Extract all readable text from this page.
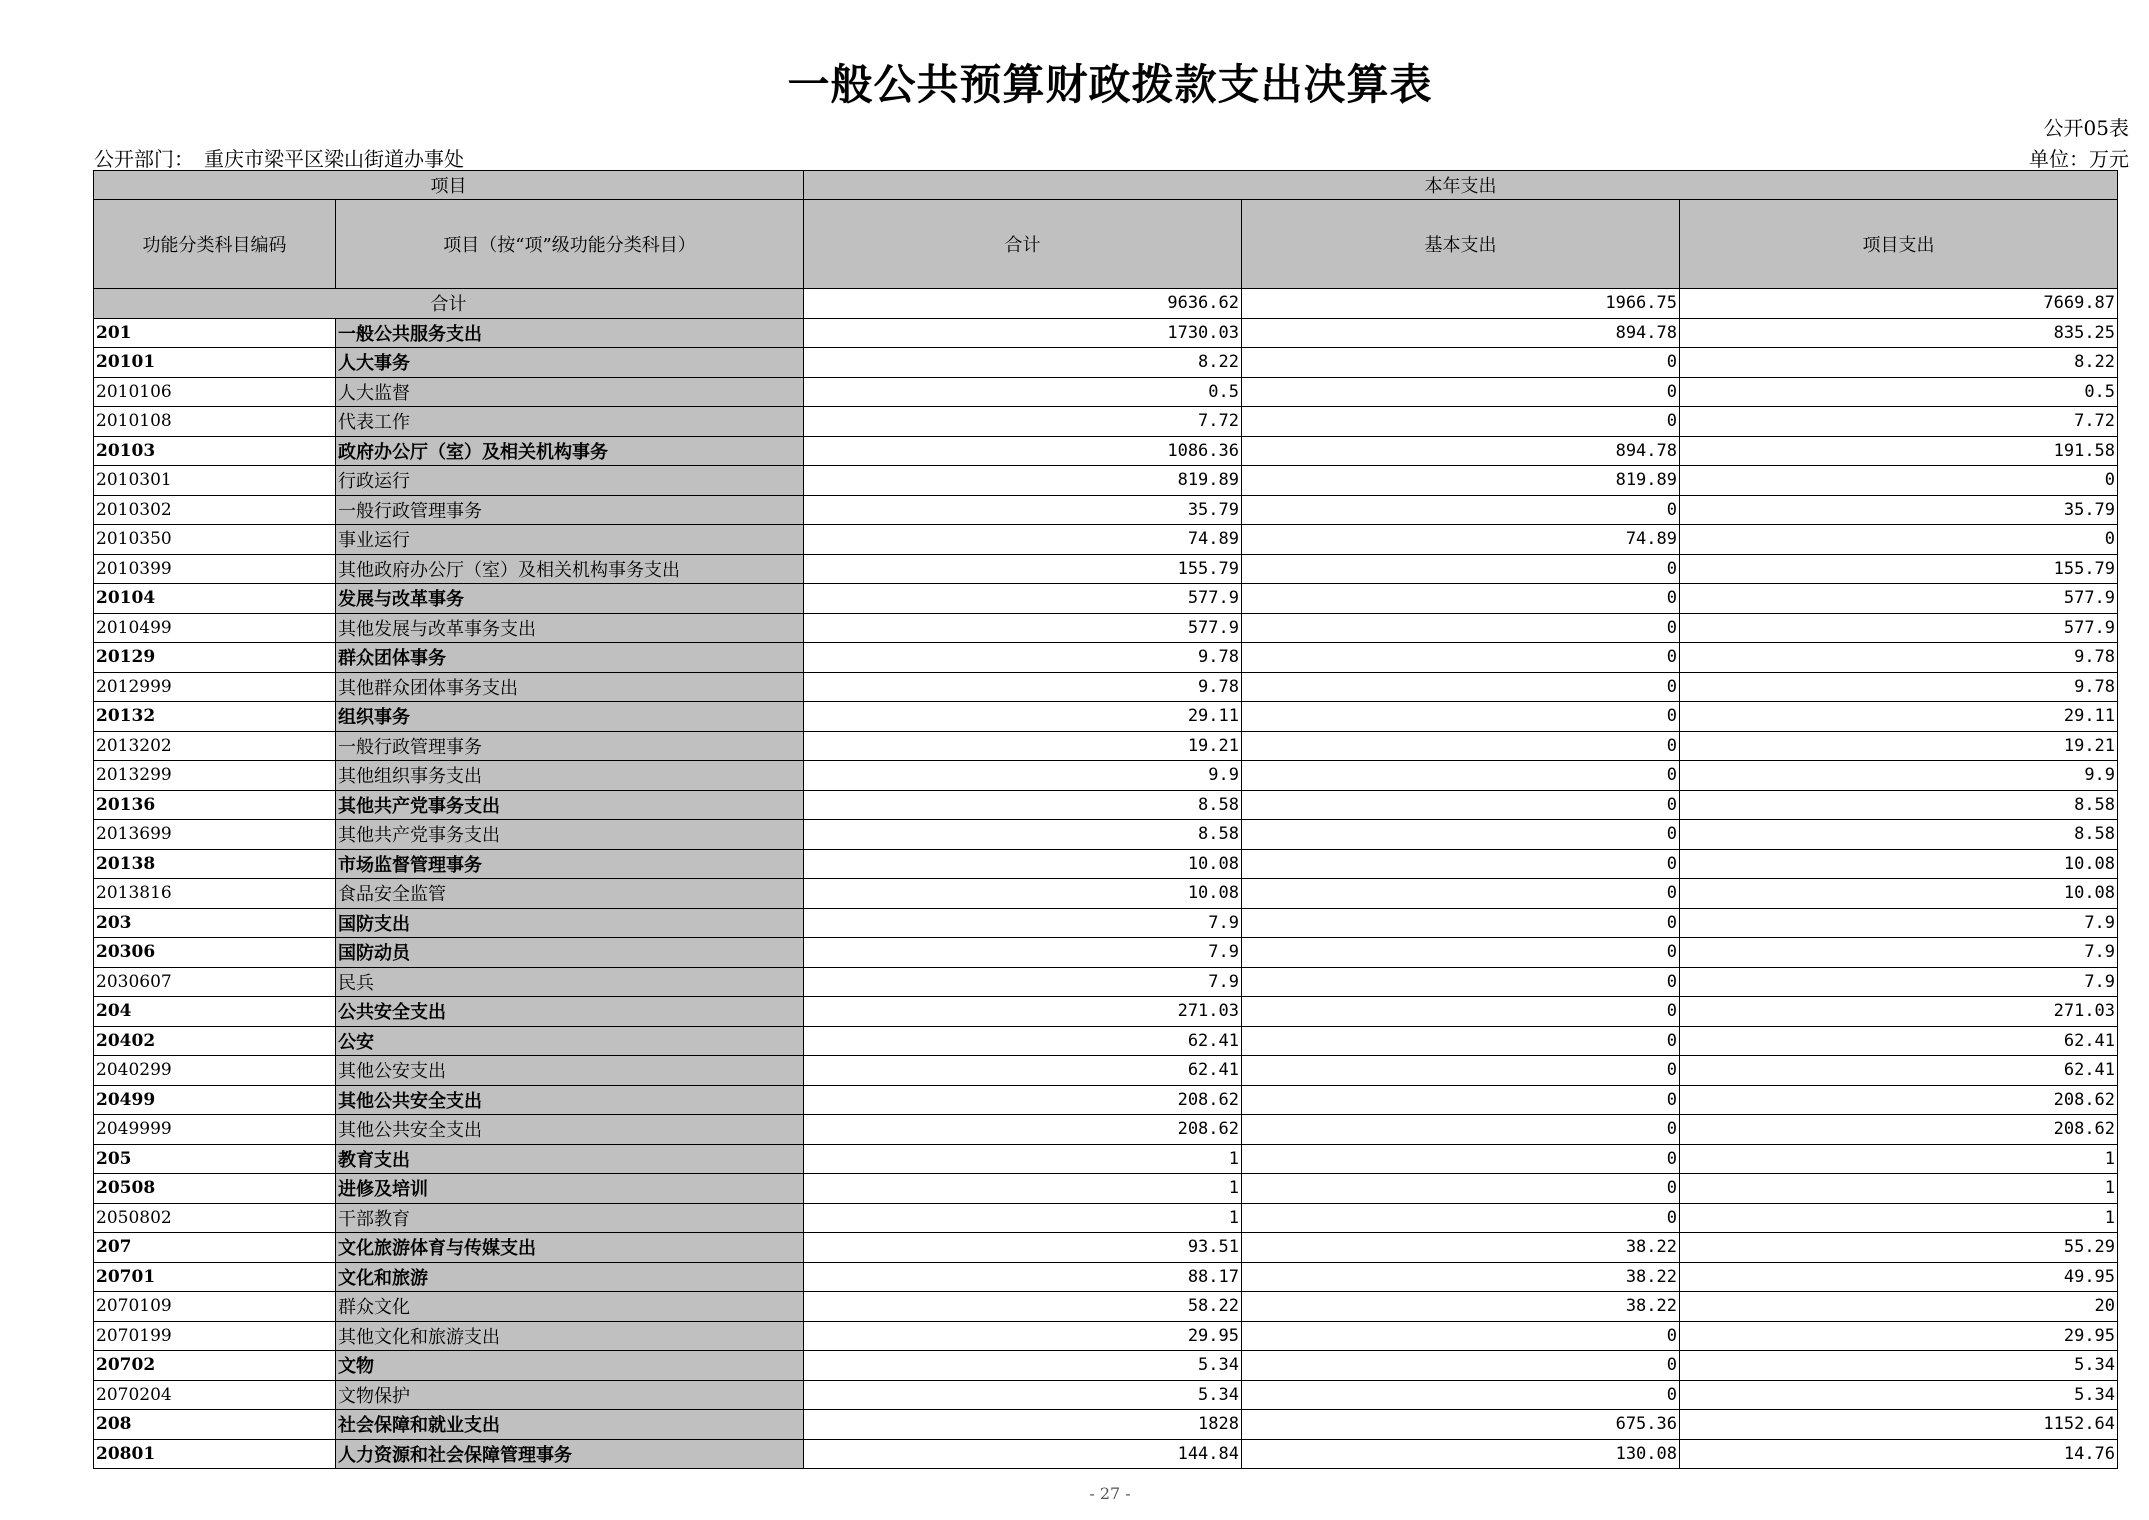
一般公共预算财政拨款支出决算表
公开05表
公开部门：　重庆市梁平区梁山街道办事处	单位：万元
项目		本年支出		
功能分类科目编码	项目（按“项”级功能分类科目）	合计	基本支出	项目支出
合计		9636.62	1966.75	7669.87
201	一般公共服务支出	1730.03	894.78	835.25
20101	人大事务	8.22	0	8.22
2010106	人大监督	0.5	0	0.5
2010108	代表工作	7.72	0	7.72
20103	政府办公厅（室）及相关机构事务	1086.36	894.78	191.58
2010301	行政运行	819.89	819.89	0
2010302	一般行政管理事务	35.79	0	35.79
2010350	事业运行	74.89	74.89	0
2010399	其他政府办公厅（室）及相关机构事务支出	155.79	0	155.79
20104	发展与改革事务	577.9	0	577.9
2010499	其他发展与改革事务支出	577.9	0	577.9
20129	群众团体事务	9.78	0	9.78
2012999	其他群众团体事务支出	9.78	0	9.78
20132	组织事务	29.11	0	29.11
2013202	一般行政管理事务	19.21	0	19.21
2013299	其他组织事务支出	9.9	0	9.9
20136	其他共产党事务支出	8.58	0	8.58
2013699	其他共产党事务支出	8.58	0	8.58
20138	市场监督管理事务	10.08	0	10.08
2013816	食品安全监管	10.08	0	10.08
203	国防支出	7.9	0	7.9
20306	国防动员	7.9	0	7.9
2030607	民兵	7.9	0	7.9
204	公共安全支出	271.03	0	271.03
20402	公安	62.41	0	62.41
2040299	其他公安支出	62.41	0	62.41
20499	其他公共安全支出	208.62	0	208.62
2049999	其他公共安全支出	208.62	0	208.62
205	教育支出	1	0	1
20508	进修及培训	1	0	1
2050802	干部教育	1	0	1
207	文化旅游体育与传媒支出	93.51	38.22	55.29
20701	文化和旅游	88.17	38.22	49.95
2070109	群众文化	58.22	38.22	20
2070199	其他文化和旅游支出	29.95	0	29.95
20702	文物	5.34	0	5.34
2070204	文物保护	5.34	0	5.34
208	社会保障和就业支出	1828	675.36	1152.64
20801	人力资源和社会保障管理事务	144.84	130.08	14.76
- 27 -
